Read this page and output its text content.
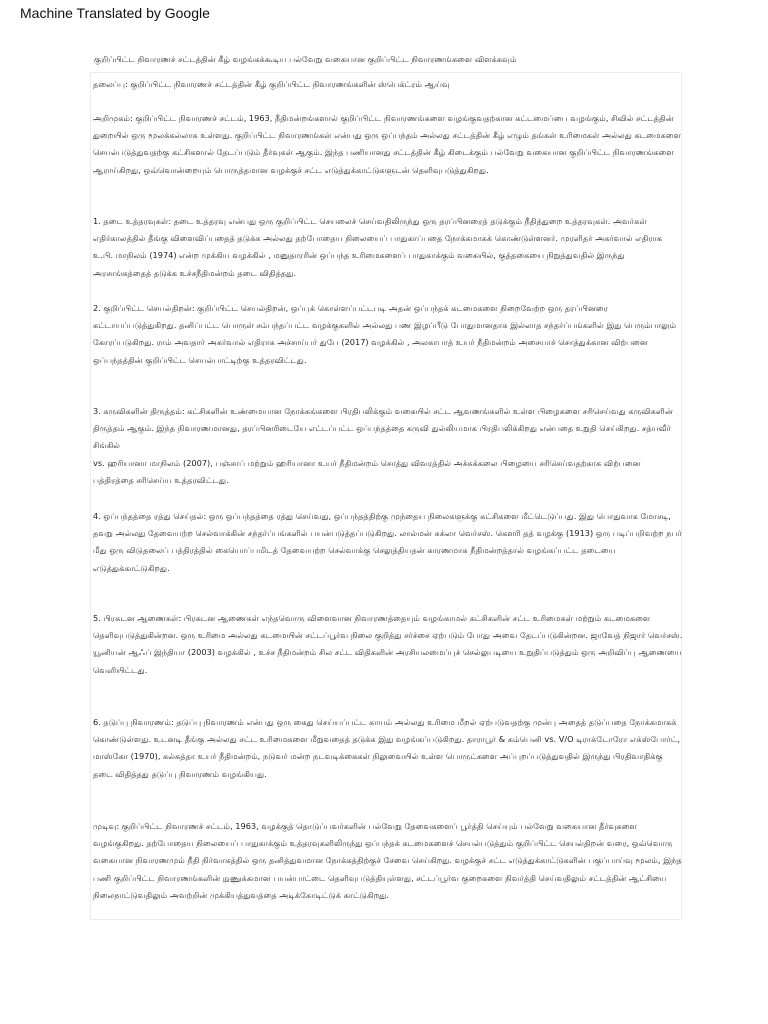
Machine Translated by Google
குறிப்பிட்ட நிவாரணச் சட்டத்தின் கீழ் வழங்கக்கூடிய பல்வேறு வகையான குறிப்பிட்ட நிவாரணங்களை விளக்கவும்

தலைப்பு: குறிப்பிட்ட நிவாரணச் சட்டத்தின் கீழ் குறிப்பிட்ட நிவாரணங்களின் ஸ்பெக்ட்ரம் ஆய்வு

அறிமுகம்: குறிப்பிட்ட நிவாரணச் சட்டம், 1963, நீதிமன்றங்களால் குறிப்பிட்ட நிவாரணங்களை வழங்குவதற்கான கட்டமைப்பை வழங்கும், சிவில் சட்டத்தின் துறையில் ஒரு மூலக்கல்லாக உள்ளது. குறிப்பிட்ட நிவாரணங்கள் என்பது ஒரு ஒப்பந்தம் அல்லது சட்டத்தின் கீழ் எழும் தங்கள் உரிமைகள் அல்லது கடமைகளை செயல்படுத்துவதற்கு கட்சிகளால் தேடப்படும் தீர்வுகள் ஆகும். இந்த பணியானது சட்டத்தின் கீழ் கிடைக்கும் பல்வேறு வகையான குறிப்பிட்ட நிவாரணங்களை ஆராய்கிறது, ஒவ்வொன்றையும் பொருத்தமான வழக்குச் சட்ட எடுத்துக்காட்டுகளுடன் தெளிவுபடுத்துகிறது.

1. தடை உத்தரவுகள்: தடை உத்தரவு என்பது ஒரு குறிப்பிட்ட செயலைச் செய்வதிலிருந்து ஒரு தரப்பினரைத் தடுக்கும் நீதித்துறை உத்தரவுகள். அவர்கள் எதிர்காலத்தில் தீங்கு விளைவிப்பதைத் தடுக்க அல்லது தற்போதைய நிலையைப் பாதுகாப்பதை நோக்கமாகக் கொண்டுள்ளனர். முரளிதர் அகர்வால் எதிராக உ.பி. மாநிலம் (1974) என்ற முக்கிய வழக்கில் , மனுதாரரின் ஒப்பந்த உரிமைகளைப் பாதுகாக்கும் வகையில், குத்தகையை நிறுத்துவதில் இருந்து அரசாங்கத்தைத் தடுக்க உச்சநீதிமன்றம் தடை விதித்தது.

2. குறிப்பிட்ட செயல்திறன்: குறிப்பிட்ட செயல்திறன், ஒப்புக் கொள்ளப்பட்டபடி அதன் ஒப்பந்தக் கடமைகளை நிறைவேற்ற ஒரு தரப்பினரை கட்டாயப்படுத்துகிறது. தனிப்பட்ட பொருள் சம்பந்தப்பட்ட வழக்குகளில் அல்லது பண இழப்பீடு போதுமானதாக இல்லாத சந்தர்ப்பங்களில் இது பெரும்பாலும் கோரப்படுகிறது. ராம் அவதார் அகர்வால் எதிராக அச்சாய்பர் துபே (2017) வழக்கில் , அலகாபாத் உயர் நீதிமன்றம் அசையாச் சொத்துக்கான விற்பனை ஒப்பந்தத்தின் குறிப்பிட்ட செயல்பாட்டிற்கு உத்தரவிட்டது.

3. கருவிகளின் திருத்தம்: கட்சிகளின் உண்மையான நோக்கங்களை பிரதிபலிக்கும் வகையில் சட்ட ஆவணங்களில் உள்ள பிழைகளை சரிசெய்வது கருவிகளின் திருத்தம் ஆகும். இந்த நிவாரணமானது, தரப்பினரிடையே எட்டப்பட்ட ஒப்பந்தத்தை கருவி துல்லியமாக பிரதிபலிக்கிறது என்பதை உறுதி செய்கிறது. சத்யவீர் சிங்கில்

vs. ஹரியானா மாநிலம் (2007), பஞ்சாப் மற்றும் ஹரியானா உயர் நீதிமன்றம் சொத்து விவரத்தில் அச்சுக்கலை பிழையை சரிசெய்வதற்காக விற்பனை பத்திரத்தை சரிசெய்ய உத்தரவிட்டது.

4. ஒப்பந்தத்தை ரத்து செய்தல்: ஒரு ஒப்பந்தத்தை ரத்து செய்வது, ஒப்பந்தத்திற்கு முந்தைய நிலைகளுக்கு கட்சிகளை மீட்டெடுப்பது. இது பொதுவாக மோசடி, தவறு அல்லது தேவையற்ற செல்வாக்கின் சந்தர்ப்பங்களில் பயன்படுத்தப்படுகிறது. லால்மன் சுக்லா வெர்சஸ். கௌரி தத் வழக்கு (1913) ஒரு படிப்பறிவற்ற நபர் மீது ஒரு விடுதலைப் பத்திரத்தில் கையொப்பமிடத் தேவையற்ற செல்வாக்கு செலுத்தியதன் காரணமாக நீதிமன்றத்தால் வழங்கப்பட்ட தடையை எடுத்துக்காட்டுகிறது.

5. பிரகடன ஆணைகள்: பிரகடன ஆணைகள் எந்தவொரு விளைவான நிவாரணத்தையும் வழங்காமல் கட்சிகளின் சட்ட உரிமைகள் மற்றும் கடமைகளை தெளிவுபடுத்துகின்றன. ஒரு உரிமை அல்லது கடமையின் சட்டப்பூர்வ நிலை குறித்து சர்ச்சை ஏற்படும் போது அவை தேடப்படுகின்றன. ஜாவேத் நிஜார் வெர்சஸ். யூனியன் ஆஃப் இந்தியா (2003) வழக்கில் , உச்ச நீதிமன்றம் சில சட்ட விதிகளின் அரசியலமைப்புச் செல்லுபடியை உறுதிப்படுத்தும் ஒரு அறிவிப்பு ஆணையை வெளியிட்டது.

6. தடுப்பு நிவாரணம்: தடுப்பு நிவாரணம் என்பது ஒரு கைது செய்யப்பட்ட காயம் அல்லது உரிமை மீறல் ஏற்படுவதற்கு முன்பு அதைத் தடுப்பதை நோக்கமாகக் கொண்டுள்ளது. உடனடி தீங்கு அல்லது சட்ட உரிமைகளை மீறுவதைத் தடுக்க இது வழங்கப்படுகிறது. தாராபூர் & கம்பெனி vs. V/O டிராக்டோரோ எக்ஸ்போர்ட், மாஸ்கோ (1970), கல்கத்தா உயர் நீதிமன்றம், நடுவர் மன்ற நடவடிக்கைகள் நிலுவையில் உள்ள பொருட்களை அப்புறப்படுத்துவதில் இருந்து பிரதிவாதிக்கு தடை விதித்தது தடுப்பு நிவாரணம் வழங்கியது.

முடிவு: குறிப்பிட்ட நிவாரணச் சட்டம், 1963, வழக்குத் தொடுப்பவர்களின் பல்வேறு தேவைகளைப் பூர்த்தி செய்யும் பல்வேறு வகையான தீர்வுகளை வழங்குகிறது. தற்போதைய நிலையைப் பாதுகாக்கும் உத்தரவுகளிலிருந்து ஒப்பந்தக் கடமைகளைச் செயல்படுத்தும் குறிப்பிட்ட செயல்திறன் வரை, ஒவ்வொரு வகையான நிவாரணமும் நீதி நிர்வாகத்தில் ஒரு தனித்துவமான நோக்கத்திற்குச் சேவை செய்கிறது. வழக்குச் சட்ட எடுத்துக்காட்டுகளின் பகுப்பாய்வு மூலம், இந்த பணி குறிப்பிட்ட நிவாரணங்களின் நுணுக்கமான பயன்பாட்டை தெளிவுபடுத்தியுள்ளது, சட்டப்பூர்வ குறைகளை நிவர்த்தி செய்வதிலும் சட்டத்தின் ஆட்சியை நிலைநாட்டுவதிலும் அவற்றின் முக்கியத்துவத்தை அடிக்கோடிட்டுக் காட்டுகிறது.
